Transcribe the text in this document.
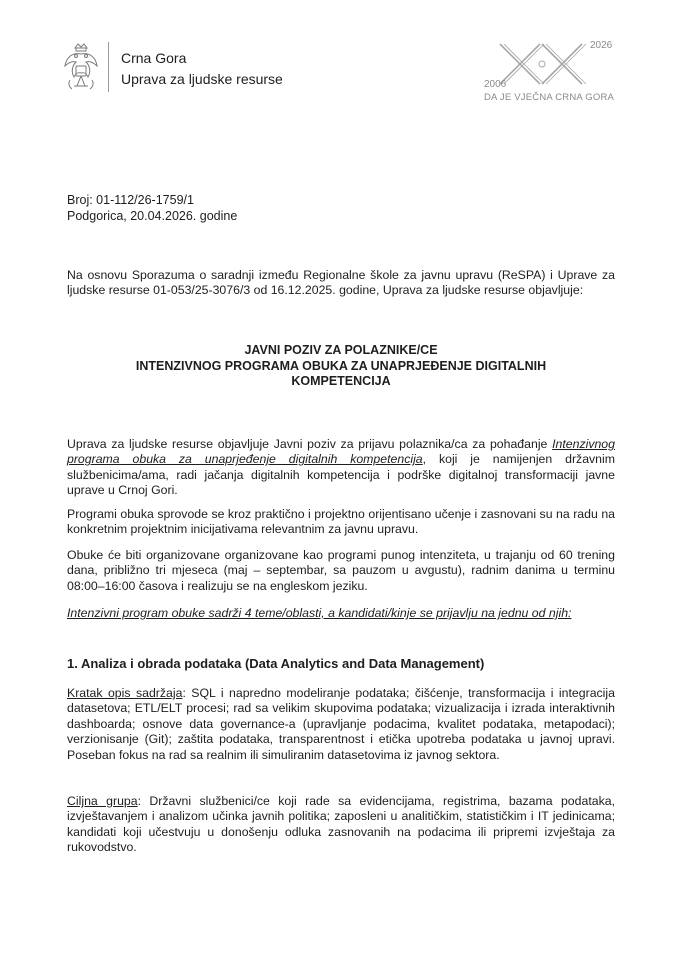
Crna Gora
Uprava za ljudske resurse
2026
2006
DA JE VJEČNA CRNA GORA
Broj: 01-112/26-1759/1
Podgorica, 20.04.2026. godine
Na osnovu Sporazuma o saradnji između Regionalne škole za javnu upravu (ReSPA) i Uprave za ljudske resurse 01-053/25-3076/3 od 16.12.2025. godine, Uprava za ljudske resurse objavljuje:
JAVNI POZIV ZA POLAZNIKE/CE
INTENZIVNOG PROGRAMA OBUKA ZA UNAPRJEĐENJE DIGITALNIH
KOMPETENCIJA
Uprava za ljudske resurse objavljuje Javni poziv za prijavu polaznika/ca za pohađanje Intenzivnog programa obuka za unaprjeđenje digitalnih kompetencija, koji je namijenjen državnim službenicima/ama, radi jačanja digitalnih kompetencija i podrške digitalnoj transformaciji javne uprave u Crnoj Gori.
Programi obuka sprovode se kroz praktično i projektno orijentisano učenje i zasnovani su na radu na konkretnim projektnim inicijativama relevantnim za javnu upravu.
Obuke će biti organizovane organizovane kao programi punog intenziteta, u trajanju od 60 trening dana, približno tri mjeseca (maj – septembar, sa pauzom u avgustu), radnim danima u terminu 08:00–16:00 časova i realizuju se na engleskom jeziku.
Intenzivni program obuke sadrži 4 teme/oblasti, a kandidati/kinje se prijavlju na jednu od njih:
1. Analiza i obrada podataka (Data Analytics and Data Management)
Kratak opis sadržaja: SQL i napredno modeliranje podataka; čišćenje, transformacija i integracija datasetova; ETL/ELT procesi; rad sa velikim skupovima podataka; vizualizacija i izrada interaktivnih dashboarda; osnove data governance-a (upravljanje podacima, kvalitet podataka, metapodaci); verzionisanje (Git); zaštita podataka, transparentnost i etička upotreba podataka u javnoj upravi. Poseban fokus na rad sa realnim ili simuliranim datasetovima iz javnog sektora.
Ciljna grupa: Državni službenici/ce koji rade sa evidencijama, registrima, bazama podataka, izvještavanjem i analizom učinka javnih politika; zaposleni u analitičkim, statističkim i IT jedinicama; kandidati koji učestvuju u donošenju odluka zasnovanih na podacima ili pripremi izvještaja za rukovodstvo.
